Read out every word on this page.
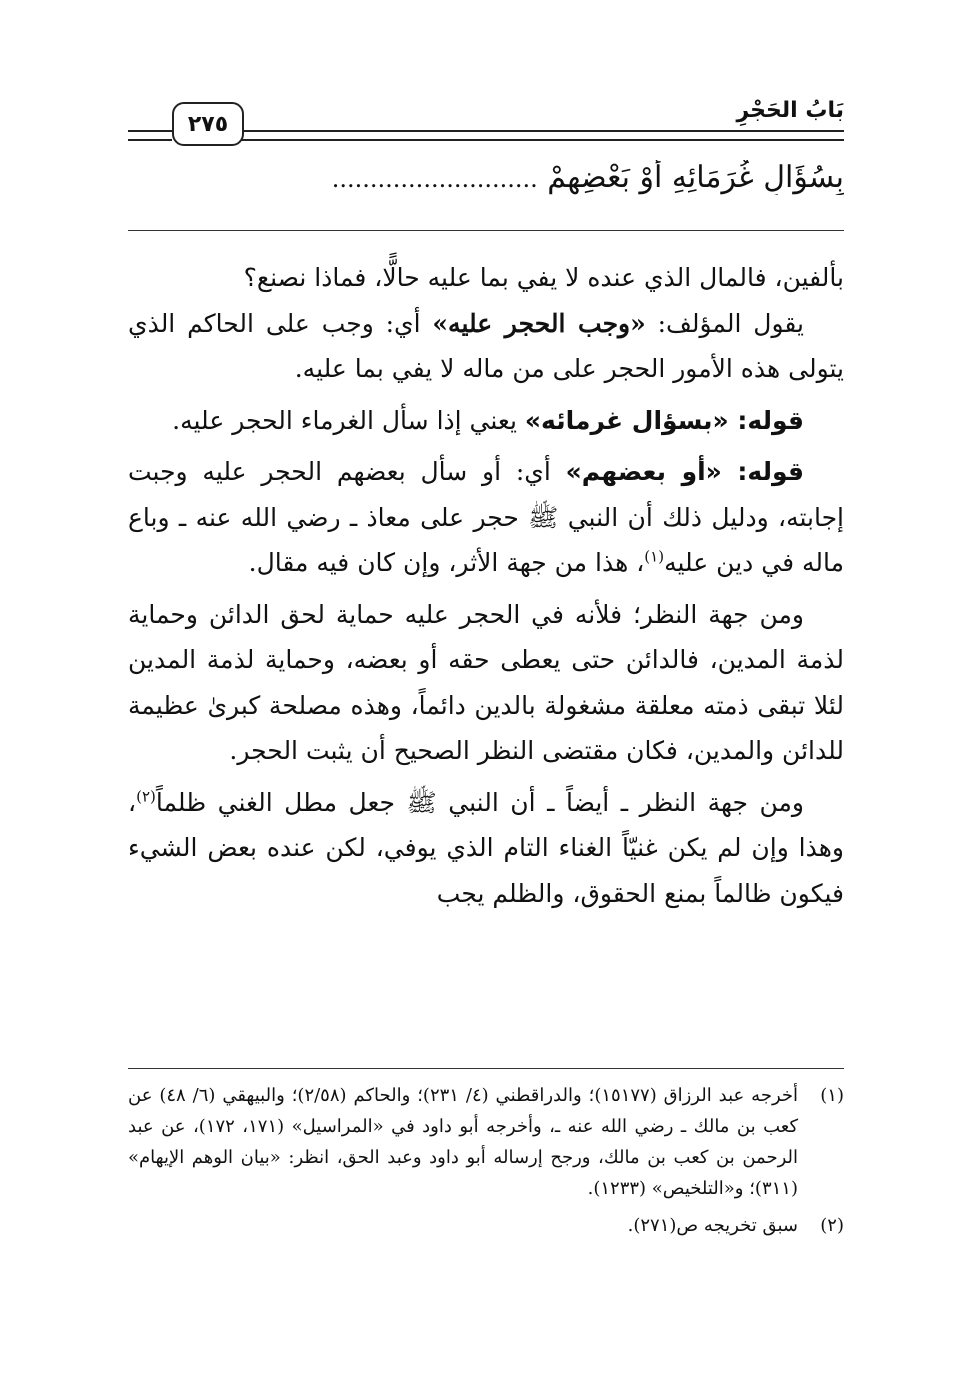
بَابُ الحَجْرِ
٢٧٥
بِسُؤَالِ غُرَمَائِهِ أَوْ بَعْضِهِمْ ...........................

بألفين، فالمال الذي عنده لا يفي بما عليه حالًّا، فماذا نصنع؟

يقول المؤلف: «وجب الحجر عليه» أي: وجب على الحاكم الذي يتولى هذه الأمور الحجر على من ماله لا يفي بما عليه.

قوله: «بسؤال غرمائه» يعني إذا سأل الغرماء الحجر عليه.

قوله: «أو بعضهم» أي: أو سأل بعضهم الحجر عليه وجبت إجابته، ودليل ذلك أن النبي ﷺ حجر على معاذ ـ رضي الله عنه ـ وباع ماله في دين عليه$^{(١)}$، هذا من جهة الأثر، وإن كان فيه مقال.

ومن جهة النظر؛ فلأنه في الحجر عليه حماية لحق الدائن وحماية لذمة المدين، فالدائن حتى يعطى حقه أو بعضه، وحماية لذمة المدين لئلا تبقى ذمته معلقة مشغولة بالدين دائماً، وهذه مصلحة كبرىٰ عظيمة للدائن والمدين، فكان مقتضى النظر الصحيح أن يثبت الحجر.

ومن جهة النظر ـ أيضاً ـ أن النبي ﷺ جعل مطل الغني ظلماً$^{(٢)}$، وهذا وإن لم يكن غنيّاً الغناء التام الذي يوفي، لكن عنده بعض الشيء فيكون ظالماً بمنع الحقوق، والظلم يجب

(١)
أخرجه عبد الرزاق (١٥١٧٧)؛ والدراقطني (٤/ ٢٣١)؛ والحاكم (٢/٥٨)؛ والبيهقي (٦/ ٤٨) عن كعب بن مالك ـ رضي الله عنه ـ، وأخرجه أبو داود في «المراسيل» (١٧١، ١٧٢)، عن عبد الرحمن بن كعب بن مالك، ورجح إرساله أبو داود وعبد الحق، انظر: «بيان الوهم الإيهام» (٣١١)؛ و«التلخيص» (١٢٣٣).
(٢)
سبق تخريجه ص(٢٧١).
